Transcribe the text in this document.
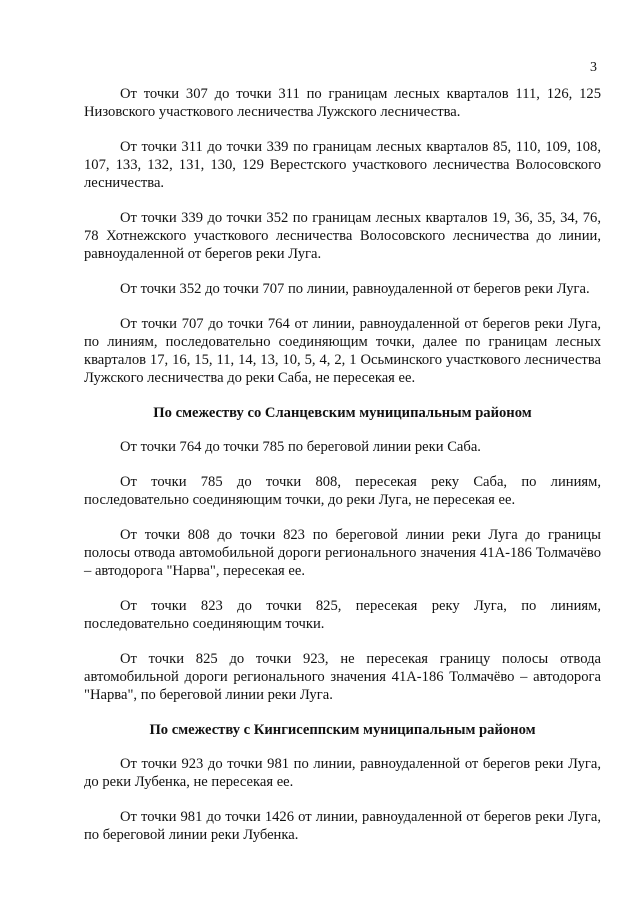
3

От точки 307 до точки 311 по границам лесных кварталов 111, 126, 125 Низовского участкового лесничества Лужского лесничества.

От точки 311 до точки 339 по границам лесных кварталов 85, 110, 109, 108, 107, 133, 132, 131, 130, 129 Верестского участкового лесничества Волосовского лесничества.

От точки 339 до точки 352 по границам лесных кварталов 19, 36, 35, 34, 76, 78 Хотнежского участкового лесничества Волосовского лесничества до линии, равноудаленной от берегов реки Луга.

От точки 352 до точки 707 по линии, равноудаленной от берегов реки Луга.

От точки 707 до точки 764 от линии, равноудаленной от берегов реки Луга, по линиям, последовательно соединяющим точки, далее по границам лесных кварталов 17, 16, 15, 11, 14, 13, 10, 5, 4, 2, 1 Осьминского участкового лесничества Лужского лесничества до реки Саба, не пересекая ее.

По смежеству со Сланцевским муниципальным районом

От точки 764 до точки 785 по береговой линии реки Саба.

От точки 785 до точки 808, пересекая реку Саба, по линиям, последовательно соединяющим точки, до реки Луга, не пересекая ее.

От точки 808 до точки 823 по береговой линии реки Луга до границы полосы отвода автомобильной дороги регионального значения 41А-186 Толмачёво – автодорога "Нарва", пересекая ее.

От точки 823 до точки 825, пересекая реку Луга, по линиям, последовательно соединяющим точки.

От точки 825 до точки 923, не пересекая границу полосы отвода автомобильной дороги регионального значения 41А-186 Толмачёво – автодорога "Нарва", по береговой линии реки Луга.

По смежеству с Кингисеппским муниципальным районом

От точки 923 до точки 981 по линии, равноудаленной от берегов реки Луга, до реки Лубенка, не пересекая ее.

От точки 981 до точки 1426 от линии, равноудаленной от берегов реки Луга, по береговой линии реки Лубенка.
